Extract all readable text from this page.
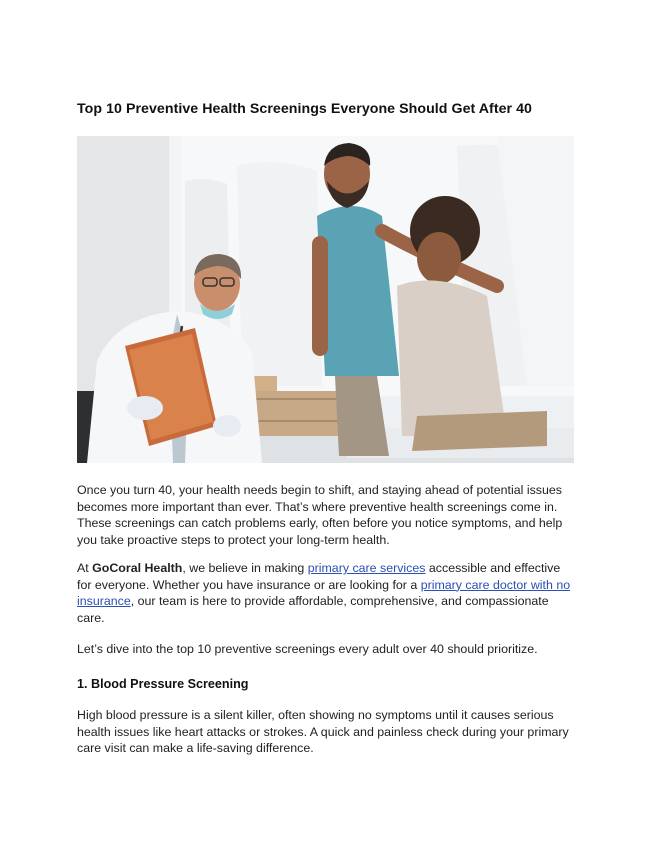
Top 10 Preventive Health Screenings Everyone Should Get After 40

Once you turn 40, your health needs begin to shift, and staying ahead of potential issues becomes more important than ever. That’s where preventive health screenings come in. These screenings can catch problems early, often before you notice symptoms, and help you take proactive steps to protect your long-term health.

At GoCoral Health, we believe in making primary care services accessible and effective for everyone. Whether you have insurance or are looking for a primary care doctor with no insurance, our team is here to provide affordable, comprehensive, and compassionate care.

Let’s dive into the top 10 preventive screenings every adult over 40 should prioritize.

1. Blood Pressure Screening

High blood pressure is a silent killer, often showing no symptoms until it causes serious health issues like heart attacks or strokes. A quick and painless check during your primary care visit can make a life-saving difference.
